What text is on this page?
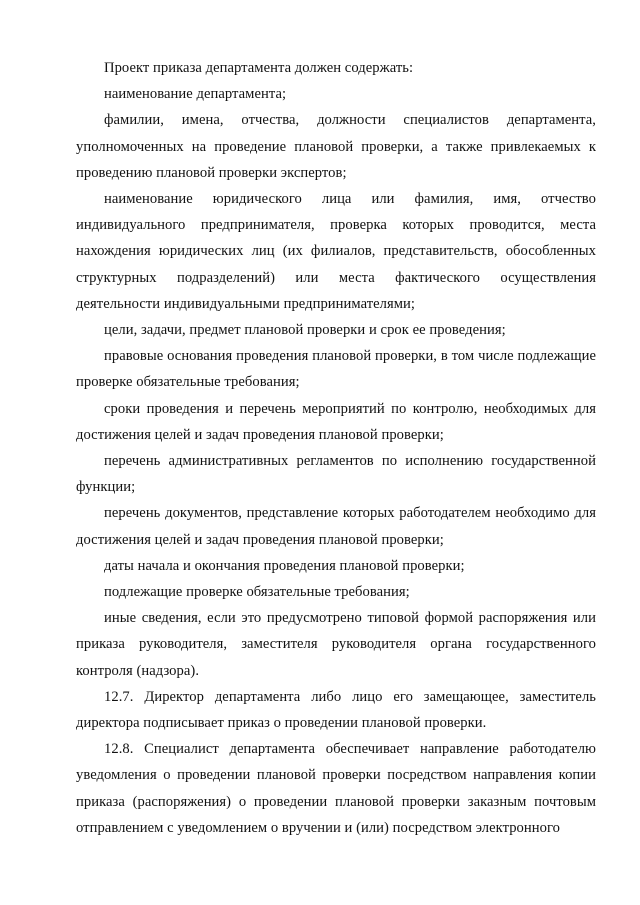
Проект приказа департамента должен содержать:

наименование департамента;

фамилии, имена, отчества, должности специалистов департамента, уполномоченных на проведение плановой проверки, а также привлекаемых к проведению плановой проверки экспертов;

наименование юридического лица или фамилия, имя, отчество индивидуального предпринимателя, проверка которых проводится, места нахождения юридических лиц (их филиалов, представительств, обособленных структурных подразделений) или места фактического осуществления деятельности индивидуальными предпринимателями;

цели, задачи, предмет плановой проверки и срок ее проведения;

правовые основания проведения плановой проверки, в том числе подлежащие проверке обязательные требования;

сроки проведения и перечень мероприятий по контролю, необходимых для достижения целей и задач проведения плановой проверки;

перечень административных регламентов по исполнению государственной функции;

перечень документов, представление которых работодателем необходимо для достижения целей и задач проведения плановой проверки;

даты начала и окончания проведения плановой проверки;

подлежащие проверке обязательные требования;

иные сведения, если это предусмотрено типовой формой распоряжения или приказа руководителя, заместителя руководителя органа государственного контроля (надзора).

12.7. Директор департамента либо лицо его замещающее, заместитель директора подписывает приказ о проведении плановой проверки.

12.8. Специалист департамента обеспечивает направление работодателю уведомления о проведении плановой проверки посредством направления копии приказа (распоряжения) о проведении плановой проверки заказным почтовым отправлением с уведомлением о вручении и (или) посредством электронного
